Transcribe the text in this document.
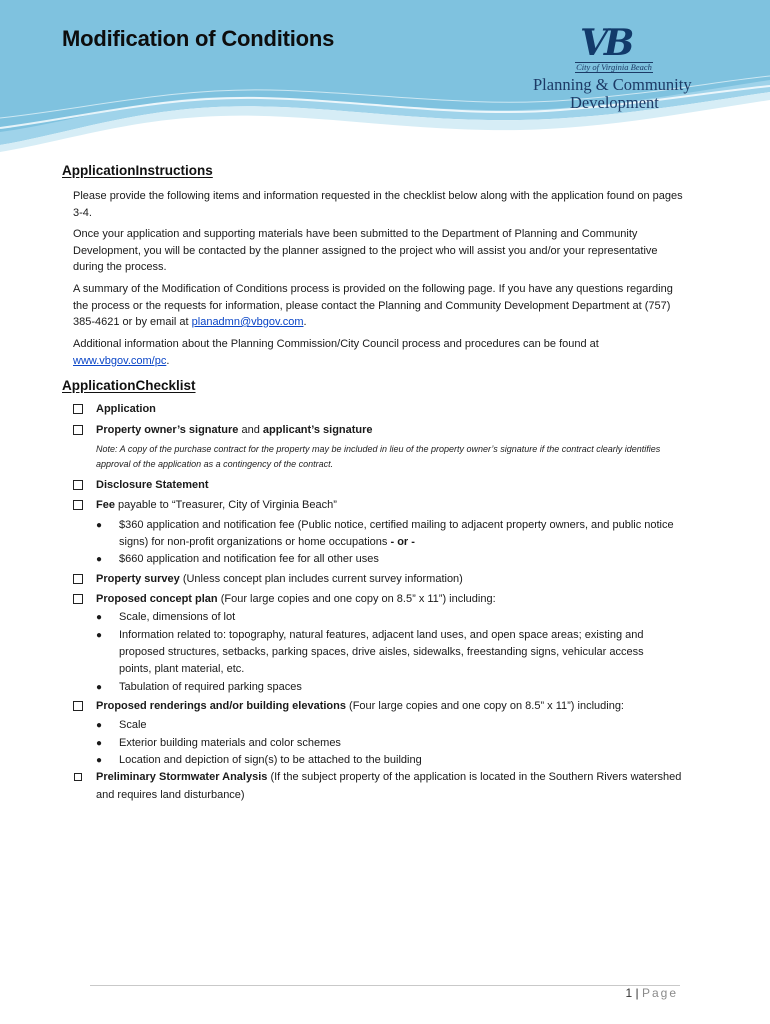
Modification of Conditions	VB
City of Virginia Beach
Planning & Community
Development
ApplicationInstructions
Please provide the following items and information requested in the checklist below along with the application found on pages 3-4.
Once your application and supporting materials have been submitted to the Department of Planning and Community Development, you will be contacted by the planner assigned to the project who will assist you and/or your representative during the process.
A summary of the Modification of Conditions process is provided on the following page. If you have any questions regarding the process or the requests for information, please contact the Planning and Community Development Department at (757) 385-4621 or by email at planadmn@vbgov.com.
Additional information about the Planning Commission/City Council process and procedures can be found at www.vbgov.com/pc.
ApplicationChecklist
Application
Property owner’s signature and applicant’s signature
Note: A copy of the purchase contract for the property may be included in lieu of the property owner’s signature if the contract clearly identifies approval of the application as a contingency of the contract.
Disclosure Statement
Fee payable to “Treasurer, City of Virginia Beach”
● $360 application and notification fee (Public notice, certified mailing to adjacent property owners, and public notice signs) for non-profit organizations or home occupations - or -
● $660 application and notification fee for all other uses
Property survey (Unless concept plan includes current survey information)
Proposed concept plan (Four large copies and one copy on 8.5” x 11”) including:
● Scale, dimensions of lot
● Information related to: topography, natural features, adjacent land uses, and open space areas; existing and proposed structures, setbacks, parking spaces, drive aisles, sidewalks, freestanding signs, vehicular access points, plant material, etc.
● Tabulation of required parking spaces
Proposed renderings and/or building elevations (Four large copies and one copy on 8.5” x 11”) including:
● Scale
● Exterior building materials and color schemes
● Location and depiction of sign(s) to be attached to the building
Preliminary Stormwater Analysis (If the subject property of the application is located in the Southern Rivers watershed and requires land disturbance)
1 | Page
